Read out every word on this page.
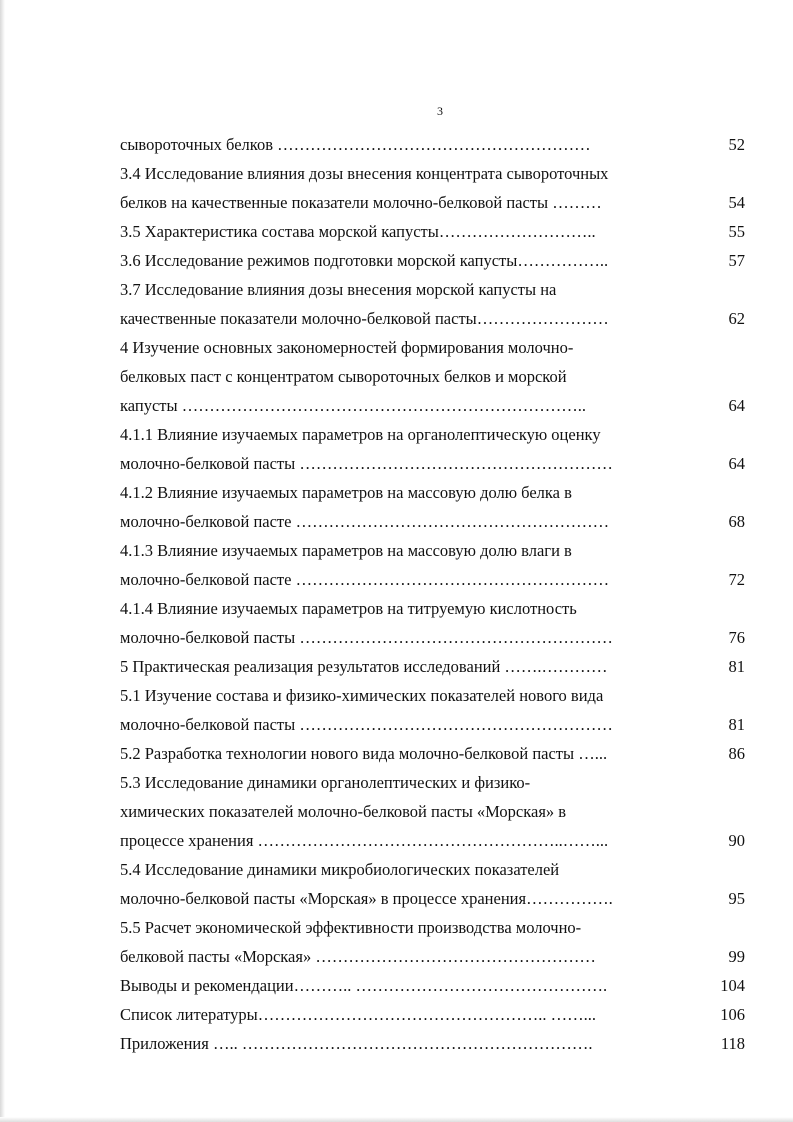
3
сывороточных белков …………………………………………………	52
3.4 Исследование влияния дозы внесения концентрата сывороточных
белков на качественные показатели молочно-белковой пасты ………	54
3.5 Характеристика состава морской капусты………………………..	55
3.6 Исследование режимов подготовки морской капусты……………..	57
3.7 Исследование влияния дозы внесения морской капусты на
качественные показатели молочно-белковой пасты……………………	62
4 Изучение основных закономерностей формирования молочно-
белковых паст с концентратом сывороточных белков и морской
капусты ………………………………………………………………..	64
4.1.1 Влияние изучаемых параметров на органолептическую оценку
молочно-белковой пасты …………………………………………………	64
4.1.2 Влияние изучаемых параметров на массовую долю белка в
молочно-белковой пасте …………………………………………………	68
4.1.3 Влияние изучаемых параметров на массовую долю влаги в
молочно-белковой пасте …………………………………………………	72
4.1.4 Влияние изучаемых параметров на титруемую кислотность
молочно-белковой пасты …………………………………………………	76
5 Практическая реализация результатов исследований …….…………	81
5.1 Изучение состава и физико-химических показателей нового вида
молочно-белковой пасты …………………………………………………	81
5.2 Разработка технологии нового вида молочно-белковой пасты …...	86
5.3 Исследование динамики органолептических и физико-
химических показателей молочно-белковой пасты «Морская» в
процессе хранения ………………………………………………..……...	90
5.4 Исследование динамики микробиологических показателей
молочно-белковой пасты «Морская» в процессе хранения…………….	95
5.5 Расчет экономической эффективности производства молочно-
белковой пасты «Морская» ……………………………………………	99
Выводы и рекомендации……….. ……………………………………….	104
Список литературы…………………………………………….. ……...	106
Приложения ….. ……………………………………………………….	118
